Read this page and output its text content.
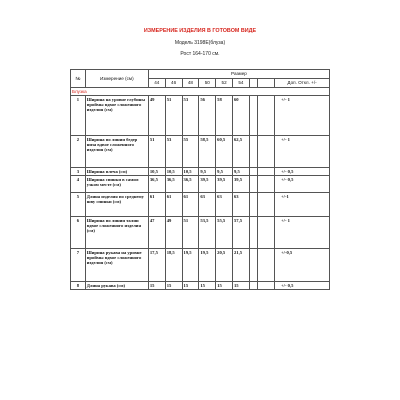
ИЗМЕРЕНИЕ ИЗДЕЛИЯ В ГОТОВОМ ВИДЕ
Модель 3198Е(блуза)
Рост 164-170 см.
№	Измерение (см)	Размер								
		44	46	48	50	52	54			Доп. Откл. +/-
Блузка										
1	Ширина на уровне глубины проймы вдвое сложенного изделия (см)	49	51	53	56	58	60			+/- 1
2	Ширина по линии бедер низа вдвое сложенного изделия (см)	51	53	55	58,5	60,5	62,5			+/- 1
3	Ширина плеча (см)	10,5	10,5	10,5	9,5	9,5	9,5			+/- 0,5
4	Ширина спинки в самом узком месте (см)	36,5	36,5	36,5	39,5	39,5	39,5			+/- 0,5
5	Длина изделия по среднему шву спинки (см)	61	61	61	63	63	63			+/-1
6	Ширина по линии талии вдвое сложенного изделия (см)	47	49	51	53,5	55,5	57,5			+/- 1
7	Ширина рукава на уровне проймы вдвое сложенного изделия (см)	17,5	18,5	19,5	19,5	20,5	21,5			+/-0,5
8	Длина рукава (см)	15	15	15	15	15	15			+/- 0,5
